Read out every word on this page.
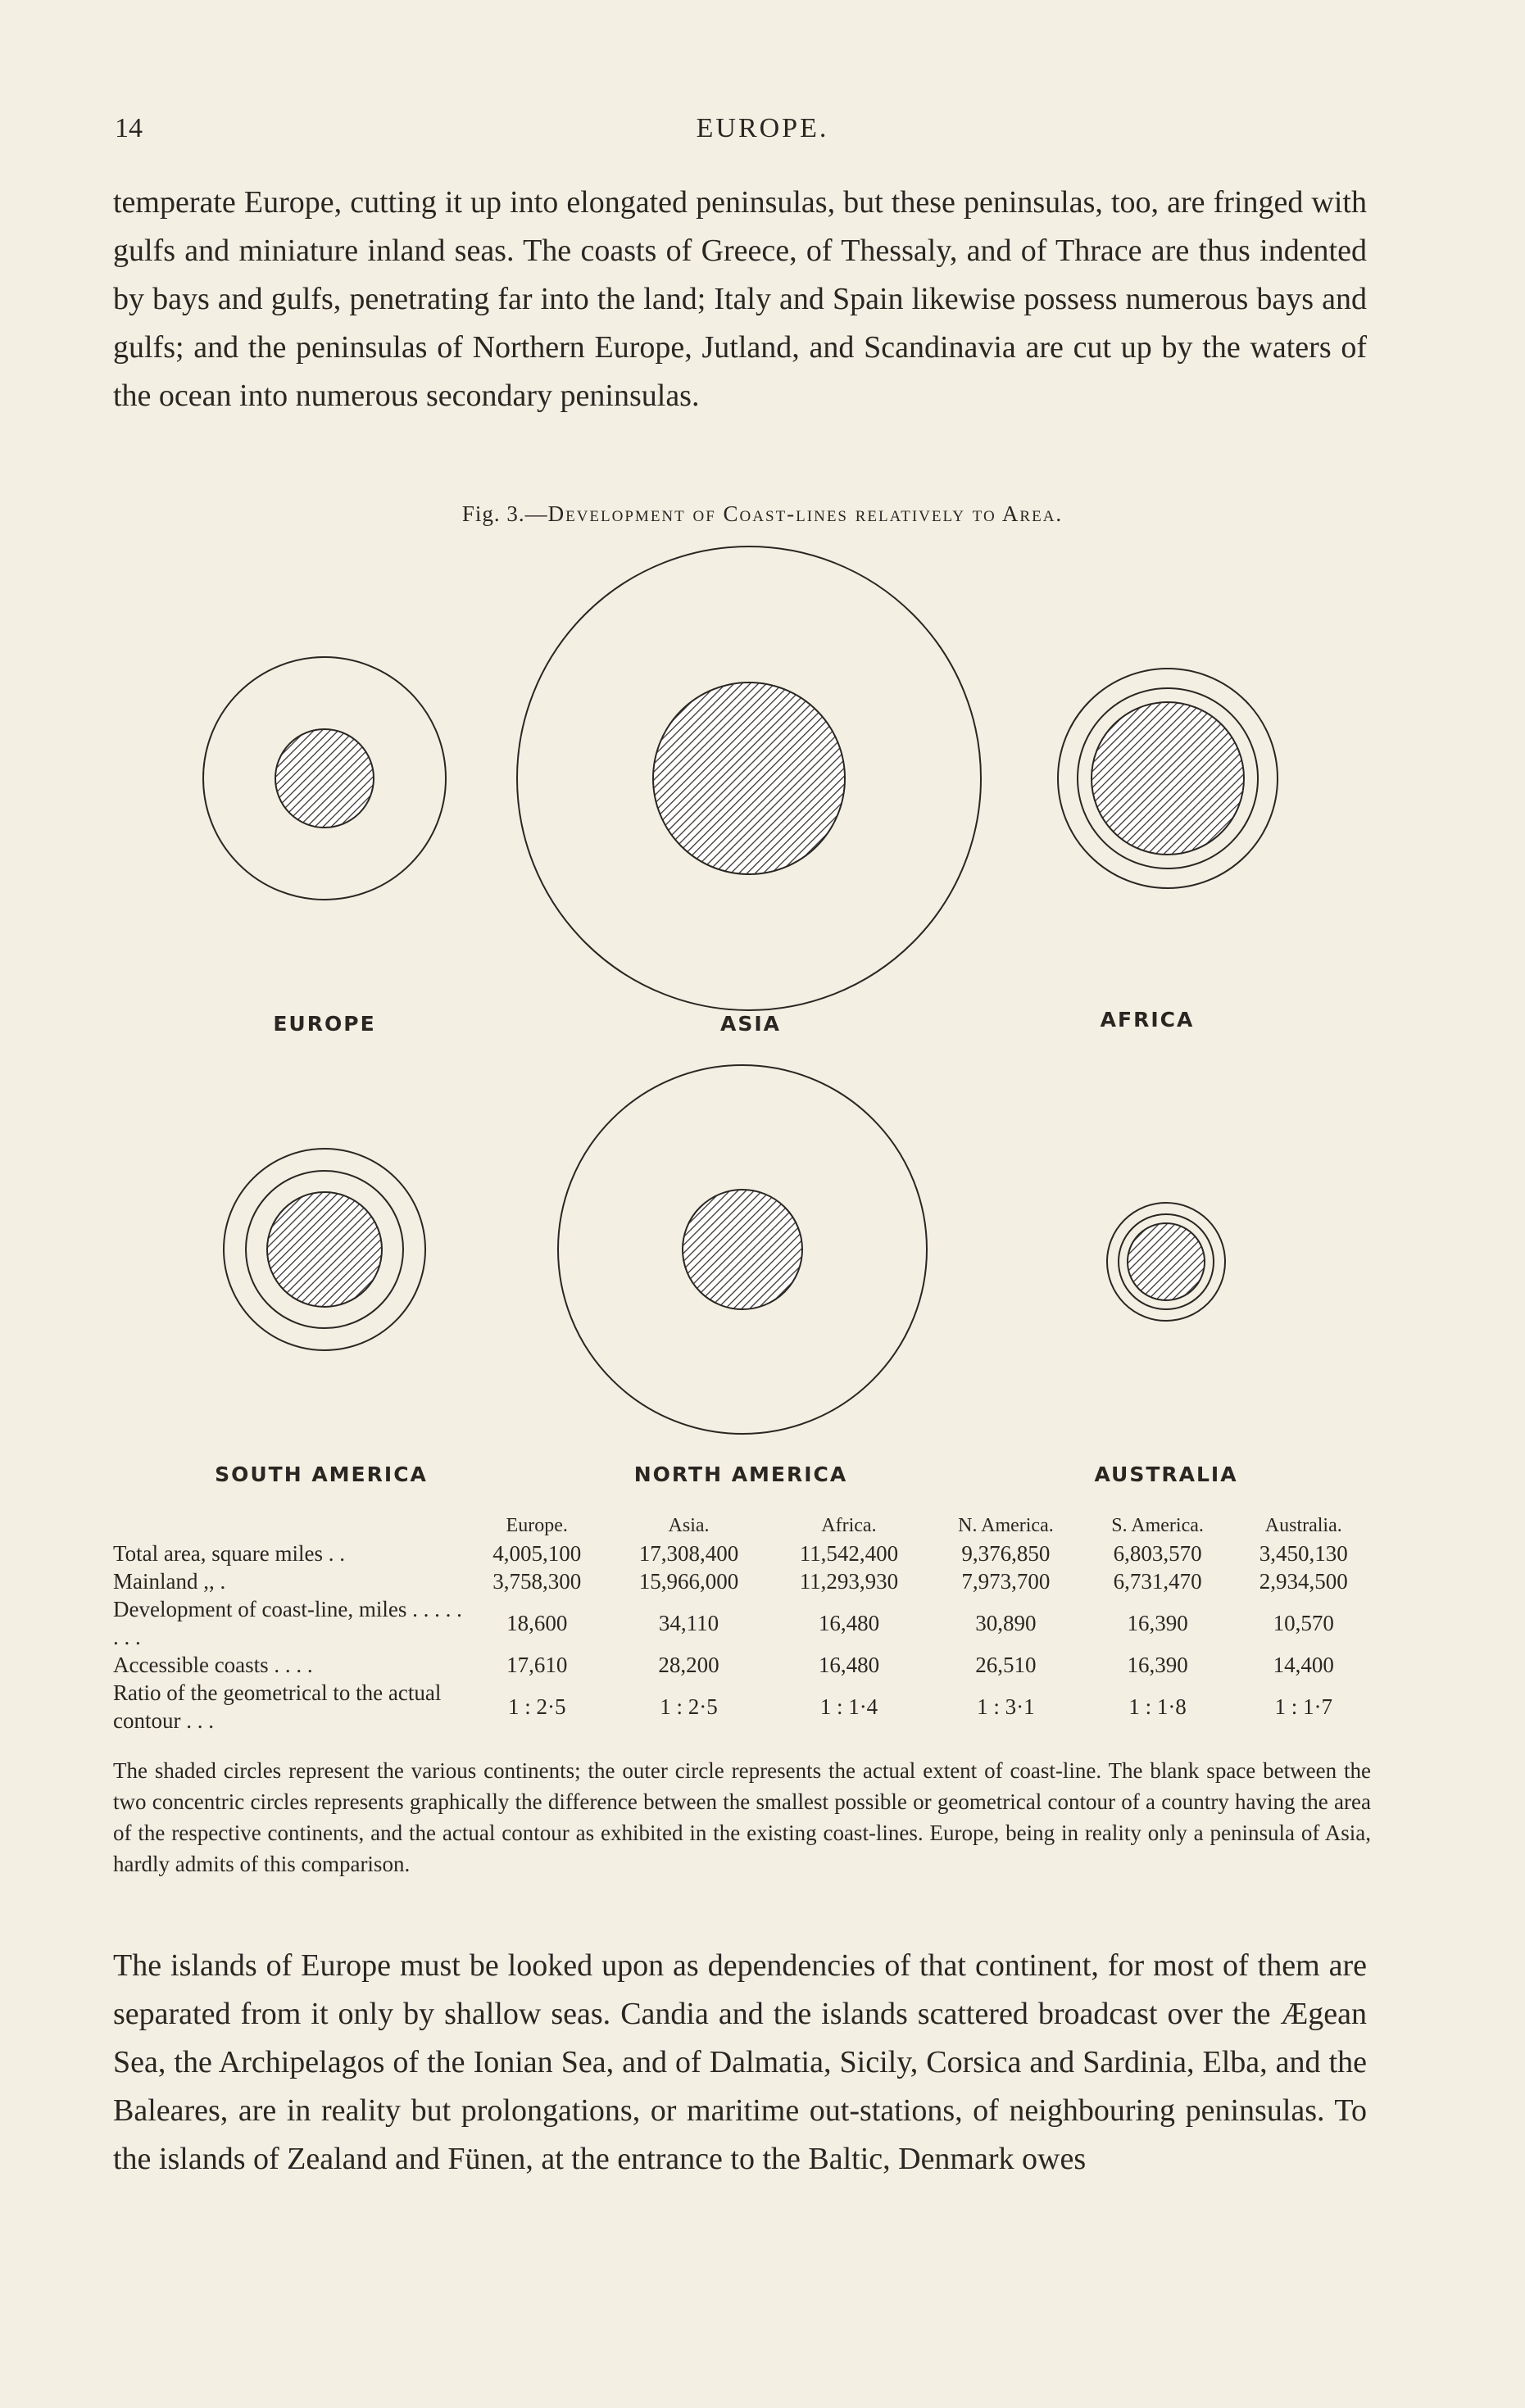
14	EUROPE.

temperate Europe, cutting it up into elongated peninsulas, but these peninsulas, too, are fringed with gulfs and miniature inland seas. The coasts of Greece, of Thessaly, and of Thrace are thus indented by bays and gulfs, penetrating far into the land; Italy and Spain likewise possess numerous bays and gulfs; and the peninsulas of Northern Europe, Jutland, and Scandinavia are cut up by the waters of the ocean into numerous secondary peninsulas.

Fig. 3.—Development of Coast-lines relatively to Area.
EUROPE	ASIA	AFRICA
SOUTH AMERICA	NORTH AMERICA	AUSTRALIA
	Europe.	Asia.	Africa.	N. America.	S. America.	Australia.
Total area, square miles . .	4,005,100	17,308,400	11,542,400	9,376,850	6,803,570	3,450,130
Mainland ,, .	3,758,300	15,966,000	11,293,930	7,973,700	6,731,470	2,934,500
Development of coast-line, miles . . . . . . . .	18,600	34,110	16,480	30,890	16,390	10,570
Accessible coasts . . . .	17,610	28,200	16,480	26,510	16,390	14,400
Ratio of the geometrical to the actual contour . . .	1 : 2·5	1 : 2·5	1 : 1·4	1 : 3·1	1 : 1·8	1 : 1·7
The shaded circles represent the various continents; the outer circle represents the actual extent of coast-line. The blank space between the two concentric circles represents graphically the difference between the smallest possible or geometrical contour of a country having the area of the respective continents, and the actual contour as exhibited in the existing coast-lines. Europe, being in reality only a peninsula of Asia, hardly admits of this comparison.

The islands of Europe must be looked upon as dependencies of that continent, for most of them are separated from it only by shallow seas. Candia and the islands scattered broadcast over the Ægean Sea, the Archipelagos of the Ionian Sea, and of Dalmatia, Sicily, Corsica and Sardinia, Elba, and the Baleares, are in reality but prolongations, or maritime out-stations, of neighbouring peninsulas. To the islands of Zealand and Fünen, at the entrance to the Baltic, Denmark owes
